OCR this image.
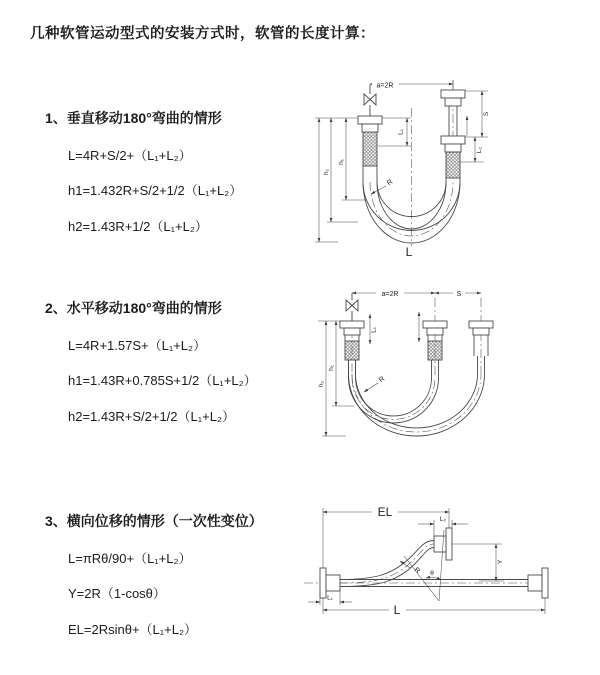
几种软管运动型式的安装方式时，软管的长度计算：
1、垂直移动180°弯曲的情形
L=4R+S/2+（L₁+L₂）
h1=1.432R+S/2+1/2（L₁+L₂）
h2=1.43R+1/2（L₁+L₂）
2、水平移动180°弯曲的情形
L=4R+1.57S+（L₁+L₂）
h1=1.43R+0.785S+1/2（L₁+L₂）
h2=1.43R+S/2+1/2（L₁+L₂）
3、横向位移的情形（一次性变位）
L=πRθ/90+（L₁+L₂）
Y=2R（1-cosθ）
EL=2Rsinθ+（L₁+L₂）
a=2R
h₁
h₂
L₁
S
L₂
R
L
a=2R	S
h₁
h₂
L₁
R
EL
L₂
Y
L
L₁
θ
R
